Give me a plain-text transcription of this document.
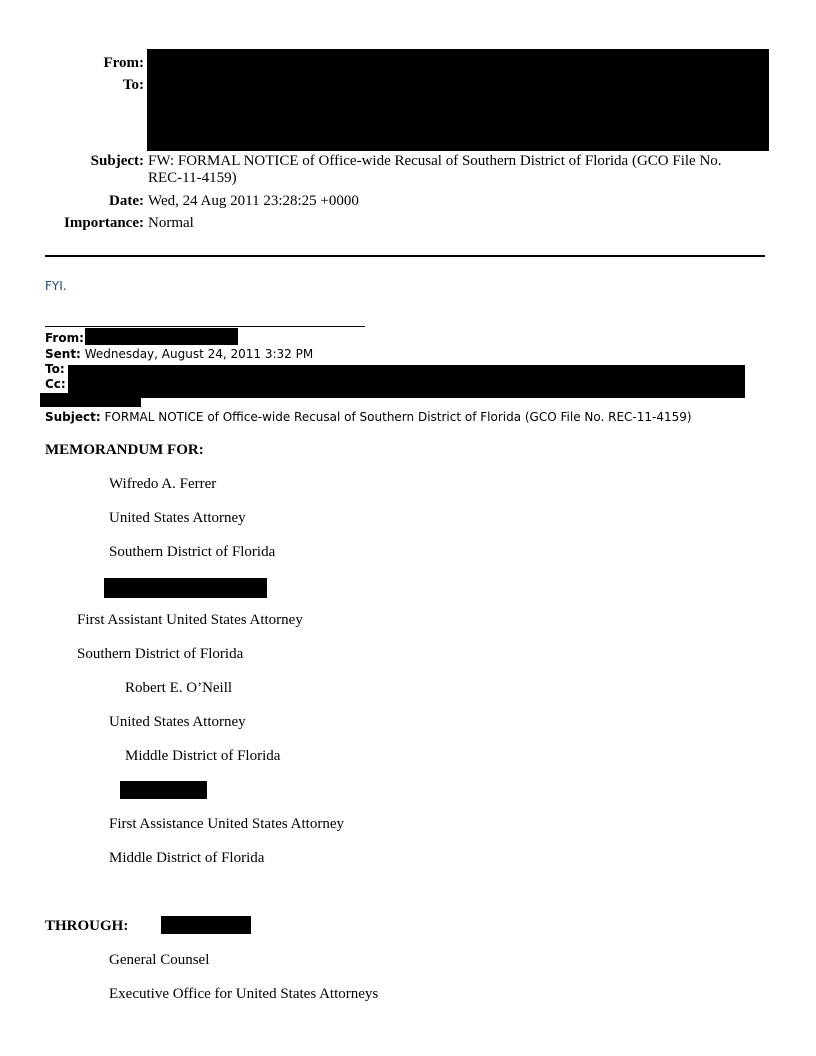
From:
To:
Subject: FW: FORMAL NOTICE of Office-wide Recusal of Southern District of Florida (GCO File No.
REC-11-4159)
Date: Wed, 24 Aug 2011 23:28:25 +0000
Importance: Normal
FYI.
From:
Sent: Wednesday, August 24, 2011 3:32 PM
To:
Cc:
Subject: FORMAL NOTICE of Office-wide Recusal of Southern District of Florida (GCO File No. REC-11-4159)
MEMORANDUM FOR:
Wifredo A. Ferrer
United States Attorney
Southern District of Florida
First Assistant United States Attorney
Southern District of Florida
Robert E. O’Neill
United States Attorney
Middle District of Florida
First Assistance United States Attorney
Middle District of Florida
THROUGH:
General Counsel
Executive Office for United States Attorneys
